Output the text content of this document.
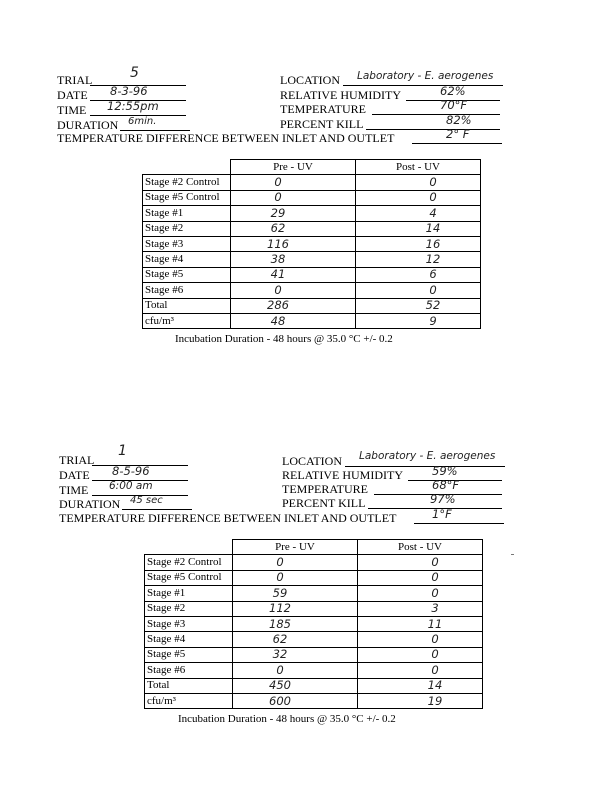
TRIAL	5
DATE 8-3-96
TIME 12:55pm
DURATION 6min.
LOCATION Laboratory - E. aerogenes
RELATIVE HUMIDITY	62%
TEMPERATURE	70°F
PERCENT KILL	82%
TEMPERATURE DIFFERENCE BETWEEN INLET AND OUTLET	2° F
	Pre - UV	Post - UV
Stage #2 Control	0	0
Stage #5 Control	0	0
Stage #1	29	4
Stage #2	62	14
Stage #3	116	16
Stage #4	38	12
Stage #5	41	6
Stage #6	0	0
Total	286	52
cfu/m³	48	9
Incubation Duration - 48 hours @ 35.0 °C +/- 0.2
TRIAL
1
DATE 8-5-96
TIME 6:00 am
DURATION 45 sec
LOCATION Laboratory - E. aerogenes
RELATIVE HUMIDITY	59%
TEMPERATURE	68°F
PERCENT KILL	97%
TEMPERATURE DIFFERENCE BETWEEN INLET AND OUTLET	1°F
	Pre - UV	Post - UV
Stage #2 Control	0	0
Stage #5 Control	0	0
Stage #1	59	0
Stage #2	112	3
Stage #3	185	11
Stage #4	62	0
Stage #5	32	0
Stage #6	0	0
Total	450	14
cfu/m³	600	19
Incubation Duration - 48 hours @ 35.0 °C +/- 0.2
